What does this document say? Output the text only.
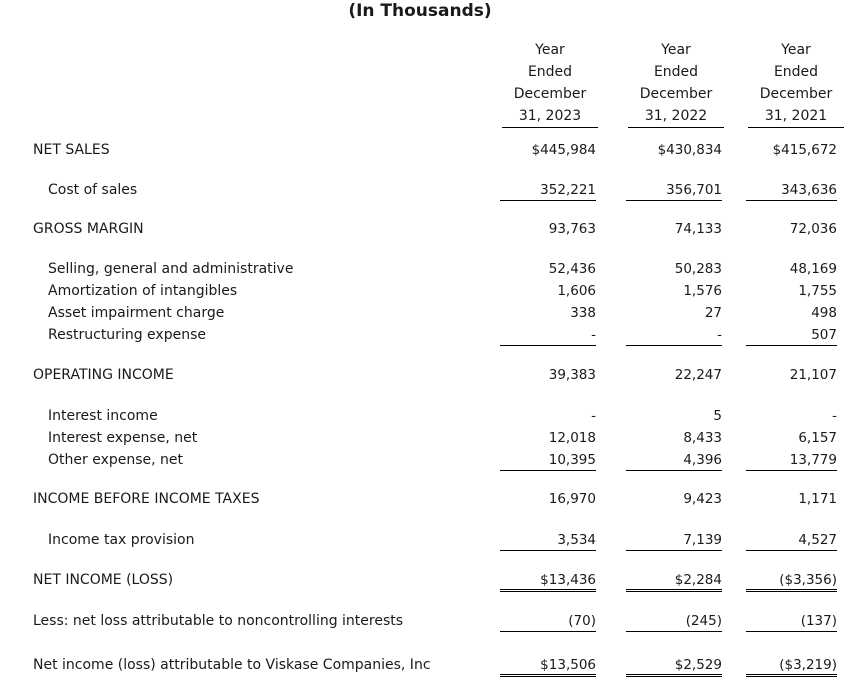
(In Thousands)
Year
Ended
December
31, 2023
Year
Ended
December
31, 2022
Year
Ended
December
31, 2021
NET SALES	$445,984	$430,834	$415,672
Cost of sales	352,221	356,701	343,636
GROSS MARGIN	93,763	74,133	72,036
Selling, general and administrative	52,436	50,283	48,169
Amortization of intangibles	1,606	1,576	1,755
Asset impairment charge	338	27	498
Restructuring expense	-	-	507
OPERATING INCOME	39,383	22,247	21,107
Interest income	-	5	-
Interest expense, net	12,018	8,433	6,157
Other expense, net	10,395	4,396	13,779
INCOME BEFORE INCOME TAXES	16,970	9,423	1,171
Income tax provision	3,534	7,139	4,527
NET INCOME (LOSS)	$13,436	$2,284	($3,356)
Less: net loss attributable to noncontrolling interests	(70)	(245)	(137)
Net income (loss) attributable to Viskase Companies, Inc	$13,506	$2,529	($3,219)
